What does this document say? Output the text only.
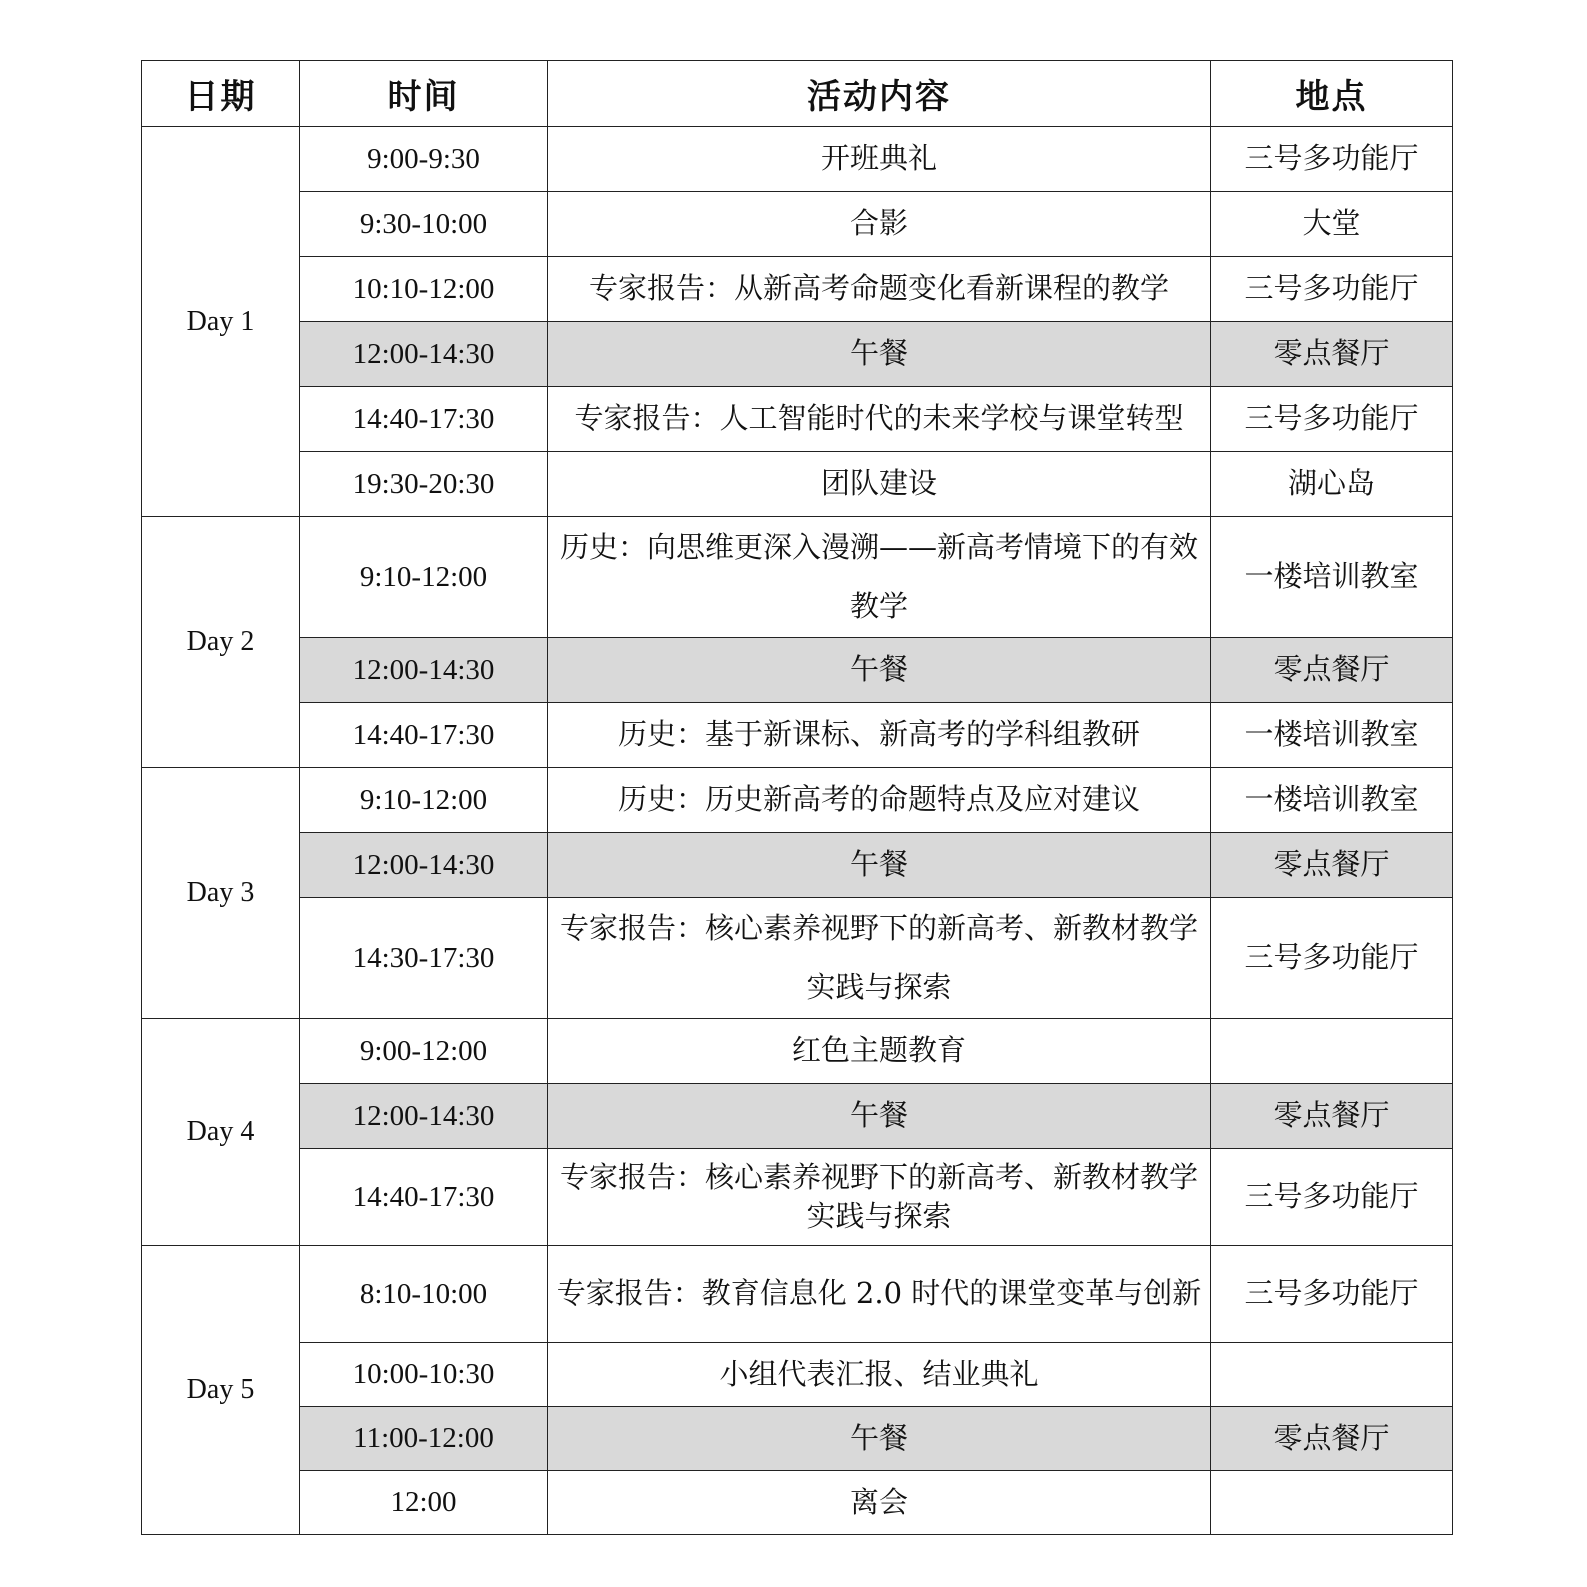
日期	时间	活动内容	地点
Day 1	9:00-9:30	开班典礼	三号多功能厅
	9:30-10:00	合影	大堂
	10:10-12:00	专家报告：从新高考命题变化看新课程的教学	三号多功能厅
	12:00-14:30	午餐	零点餐厅
	14:40-17:30	专家报告：人工智能时代的未来学校与课堂转型	三号多功能厅
	19:30-20:30	团队建设	湖心岛
Day 2	9:10-12:00	历史：向思维更深入漫溯——新高考情境下的有效教学	一楼培训教室
	12:00-14:30	午餐	零点餐厅
	14:40-17:30	历史：基于新课标、新高考的学科组教研	一楼培训教室
Day 3	9:10-12:00	历史：历史新高考的命题特点及应对建议	一楼培训教室
	12:00-14:30	午餐	零点餐厅
	14:30-17:30	专家报告：核心素养视野下的新高考、新教材教学实践与探索	三号多功能厅
Day 4	9:00-12:00	红色主题教育	
	12:00-14:30	午餐	零点餐厅
	14:40-17:30	专家报告：核心素养视野下的新高考、新教材教学实践与探索	三号多功能厅
Day 5	8:10-10:00	专家报告：教育信息化 2.0 时代的课堂变革与创新	三号多功能厅
	10:00-10:30	小组代表汇报、结业典礼	
	11:00-12:00	午餐	零点餐厅
	12:00	离会	
